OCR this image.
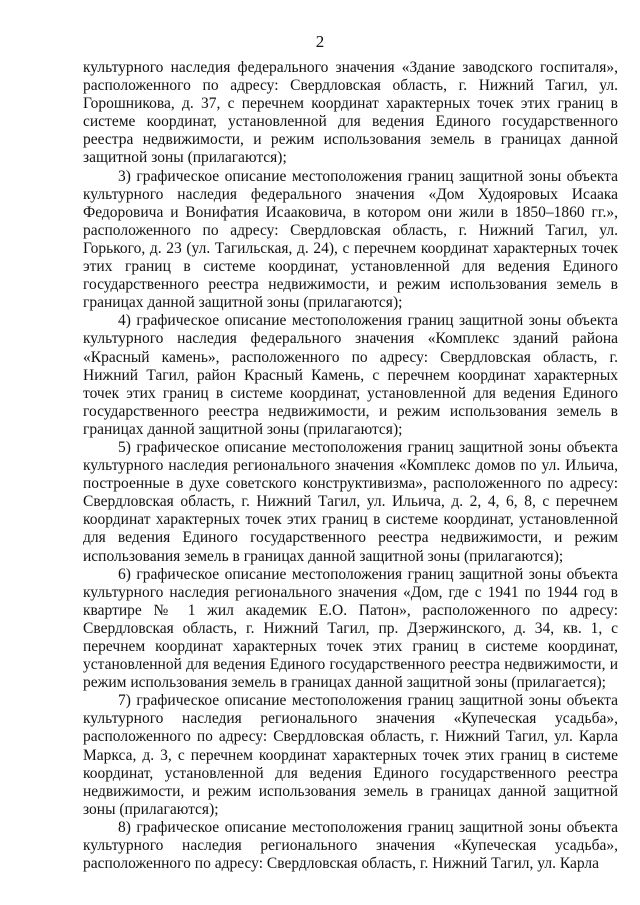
2

культурного наследия федерального значения «Здание заводского госпиталя», расположенного по адресу: Свердловская область, г. Нижний Тагил, ул. Горошникова, д. 37, с перечнем координат характерных точек этих границ в системе координат, установленной для ведения Единого государственного реестра недвижимости, и режим использования земель в границах данной защитной зоны (прилагаются);

3) графическое описание местоположения границ защитной зоны объекта культурного наследия федерального значения «Дом Худояровых Исаака Федоровича и Вонифатия Исааковича, в котором они жили в 1850–1860 гг.», расположенного по адресу: Свердловская область, г. Нижний Тагил, ул. Горького, д. 23 (ул. Тагильская, д. 24), с перечнем координат характерных точек этих границ в системе координат, установленной для ведения Единого государственного реестра недвижимости, и режим использования земель в границах данной защитной зоны (прилагаются);

4) графическое описание местоположения границ защитной зоны объекта культурного наследия федерального значения «Комплекс зданий района «Красный камень», расположенного по адресу: Свердловская область, г. Нижний Тагил, район Красный Камень, с перечнем координат характерных точек этих границ в системе координат, установленной для ведения Единого государственного реестра недвижимости, и режим использования земель в границах данной защитной зоны (прилагаются);

5) графическое описание местоположения границ защитной зоны объекта культурного наследия регионального значения «Комплекс домов по ул. Ильича, построенные в духе советского конструктивизма», расположенного по адресу: Свердловская область, г. Нижний Тагил, ул. Ильича, д. 2, 4, 6, 8, с перечнем координат характерных точек этих границ в системе координат, установленной для ведения Единого государственного реестра недвижимости, и режим использования земель в границах данной защитной зоны (прилагаются);

6) графическое описание местоположения границ защитной зоны объекта культурного наследия регионального значения «Дом, где с 1941 по 1944 год в квартире № 1 жил академик Е.О. Патон», расположенного по адресу: Свердловская область, г. Нижний Тагил, пр. Дзержинского, д. 34, кв. 1, с перечнем координат характерных точек этих границ в системе координат, установленной для ведения Единого государственного реестра недвижимости, и режим использования земель в границах данной защитной зоны (прилагается);

7) графическое описание местоположения границ защитной зоны объекта культурного наследия регионального значения «Купеческая усадьба», расположенного по адресу: Свердловская область, г. Нижний Тагил, ул. Карла Маркса, д. 3, с перечнем координат характерных точек этих границ в системе координат, установленной для ведения Единого государственного реестра недвижимости, и режим использования земель в границах данной защитной зоны (прилагаются);

8) графическое описание местоположения границ защитной зоны объекта культурного наследия регионального значения «Купеческая усадьба», расположенного по адресу: Свердловская область, г. Нижний Тагил, ул. Карла
